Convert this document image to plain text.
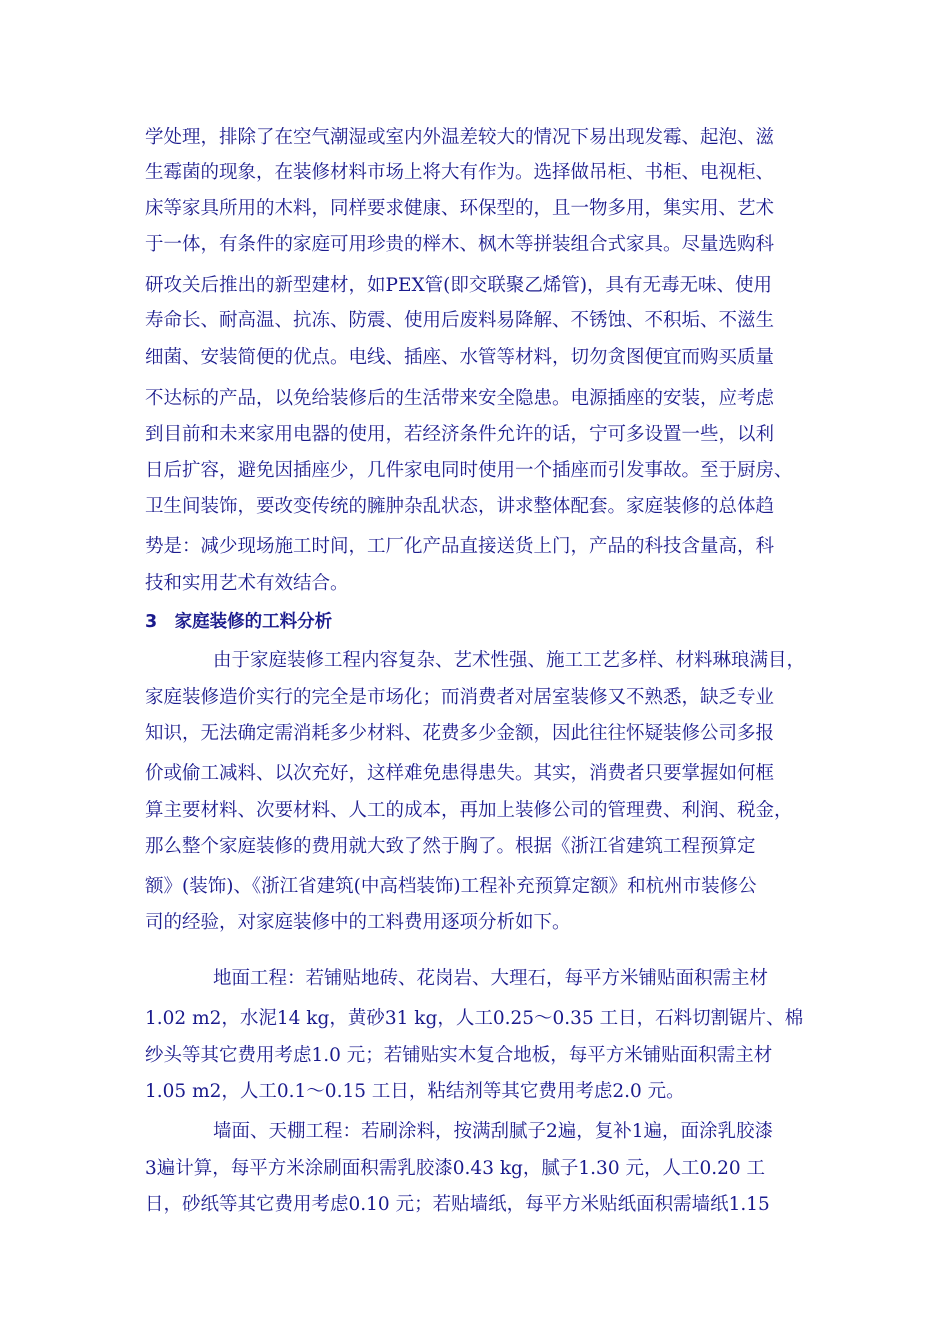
学处理，排除了在空气潮湿或室内外温差较大的情况下易出现发霉、起泡、滋
生霉菌的现象，在装修材料市场上将大有作为。选择做吊柜、书柜、电视柜、
床等家具所用的木料，同样要求健康、环保型的，且一物多用，集实用、艺术
于一体，有条件的家庭可用珍贵的榉木、枫木等拼装组合式家具。尽量选购科
研攻关后推出的新型建材，如PEX管(即交联聚乙烯管)，具有无毒无味、使用
寿命长、耐高温、抗冻、防震、使用后废料易降解、不锈蚀、不积垢、不滋生
细菌、安装简便的优点。电线、插座、水管等材料，切勿贪图便宜而购买质量
不达标的产品，以免给装修后的生活带来安全隐患。电源插座的安装，应考虑
到目前和未来家用电器的使用，若经济条件允许的话，宁可多设置一些，以利
日后扩容，避免因插座少，几件家电同时使用一个插座而引发事故。至于厨房、
卫生间装饰，要改变传统的臃肿杂乱状态，讲求整体配套。家庭装修的总体趋
势是：减少现场施工时间，工厂化产品直接送货上门，产品的科技含量高，科
技和实用艺术有效结合。
3　家庭装修的工料分析
由于家庭装修工程内容复杂、艺术性强、施工工艺多样、材料琳琅满目，
家庭装修造价实行的完全是市场化；而消费者对居室装修又不熟悉，缺乏专业
知识，无法确定需消耗多少材料、花费多少金额，因此往往怀疑装修公司多报
价或偷工减料、以次充好，这样难免患得患失。其实，消费者只要掌握如何框
算主要材料、次要材料、人工的成本，再加上装修公司的管理费、利润、税金，
那么整个家庭装修的费用就大致了然于胸了。根据《浙江省建筑工程预算定
额》(装饰)、《浙江省建筑(中高档装饰)工程补充预算定额》和杭州市装修公
司的经验，对家庭装修中的工料费用逐项分析如下。
地面工程：若铺贴地砖、花岗岩、大理石，每平方米铺贴面积需主材
1.02 m2，水泥14 kg，黄砂31 kg，人工0.25～0.35 工日，石料切割锯片、棉
纱头等其它费用考虑1.0 元；若铺贴实木复合地板，每平方米铺贴面积需主材
1.05 m2，人工0.1～0.15 工日，粘结剂等其它费用考虑2.0 元。
墙面、天棚工程：若刷涂料，按满刮腻子2遍，复补1遍，面涂乳胶漆
3遍计算，每平方米涂刷面积需乳胶漆0.43 kg，腻子1.30 元，人工0.20 工
日，砂纸等其它费用考虑0.10 元；若贴墙纸，每平方米贴纸面积需墙纸1.15
